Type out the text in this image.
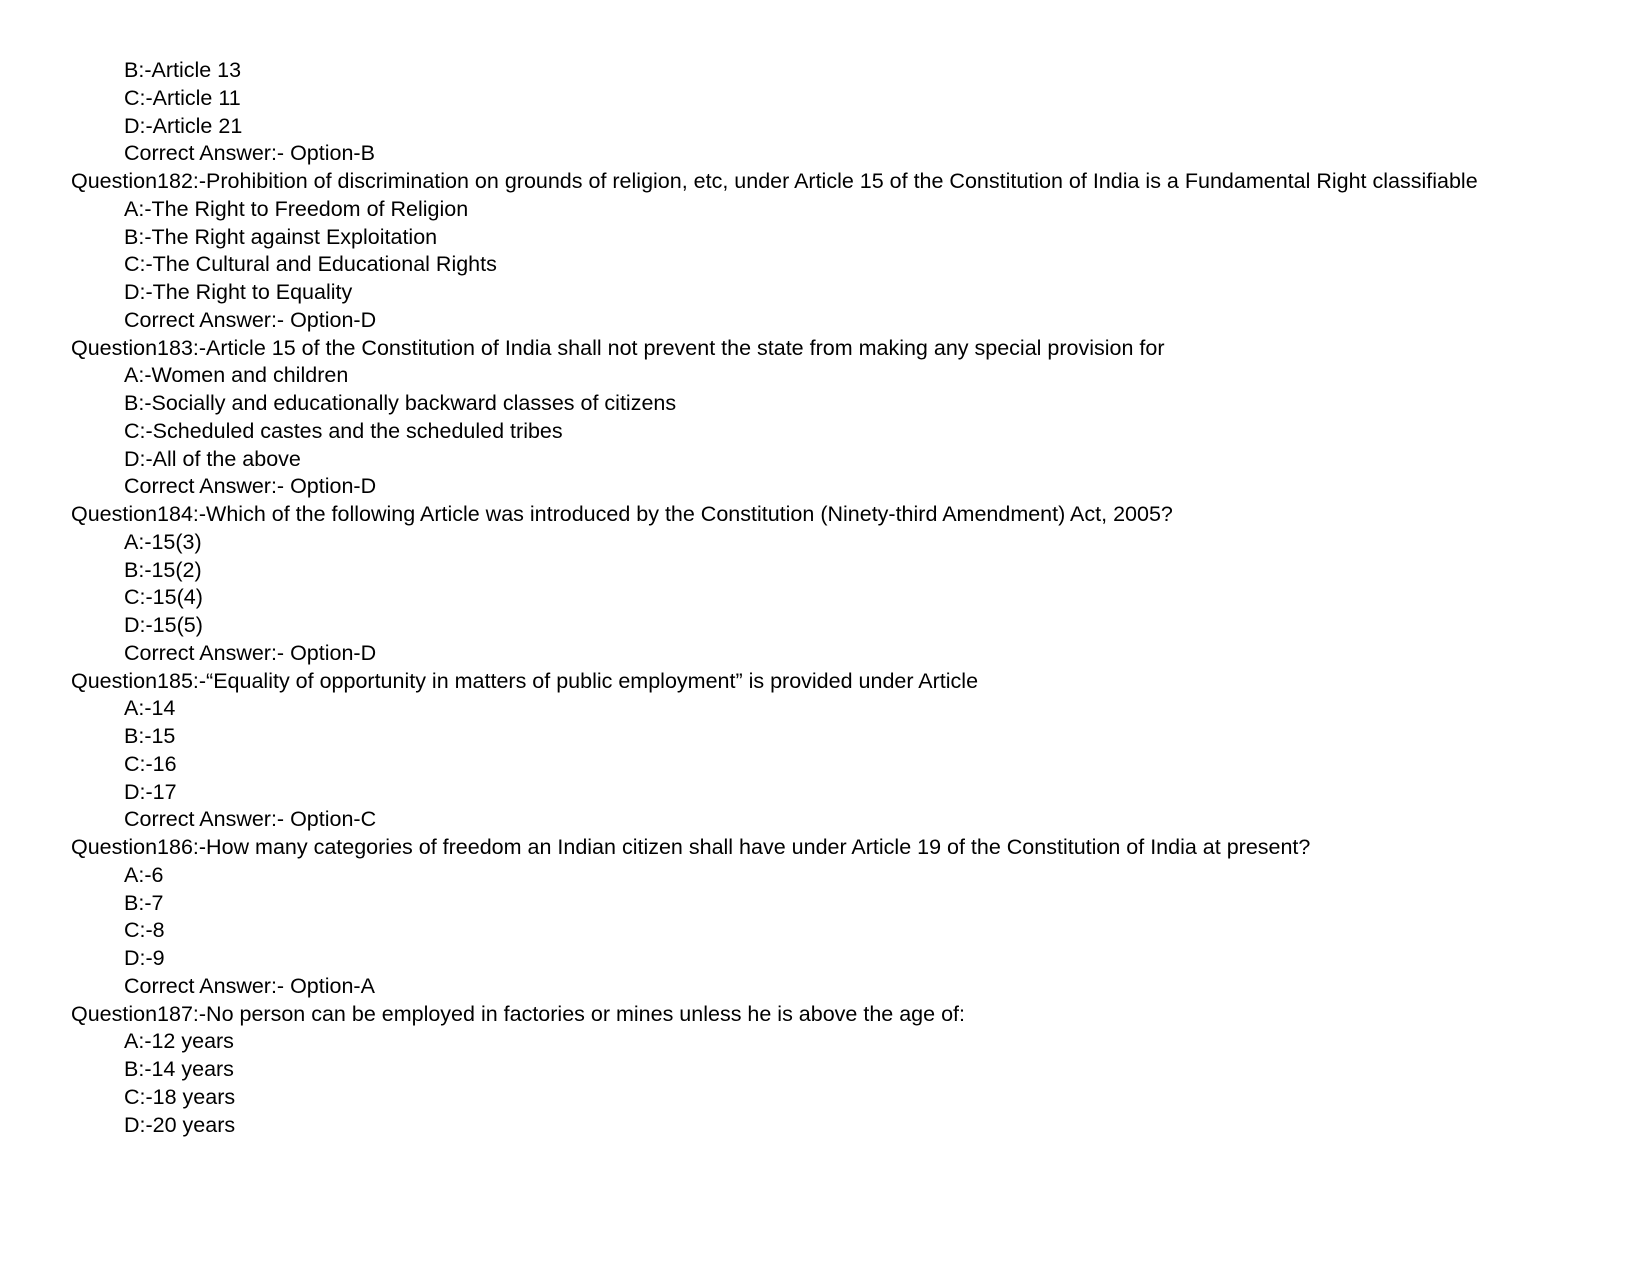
B:-Article 13
C:-Article 11
D:-Article 21
Correct Answer:- Option-B
Question182:-Prohibition of discrimination on grounds of religion, etc, under Article 15 of the Constitution of India is a Fundamental Right classifiable
A:-The Right to Freedom of Religion
B:-The Right against Exploitation
C:-The Cultural and Educational Rights
D:-The Right to Equality
Correct Answer:- Option-D
Question183:-Article 15 of the Constitution of India shall not prevent the state from making any special provision for
A:-Women and children
B:-Socially and educationally backward classes of citizens
C:-Scheduled castes and the scheduled tribes
D:-All of the above
Correct Answer:- Option-D
Question184:-Which of the following Article was introduced by the Constitution (Ninety-third Amendment) Act, 2005?
A:-15(3)
B:-15(2)
C:-15(4)
D:-15(5)
Correct Answer:- Option-D
Question185:-“Equality of opportunity in matters of public employment” is provided under Article
A:-14
B:-15
C:-16
D:-17
Correct Answer:- Option-C
Question186:-How many categories of freedom an Indian citizen shall have under Article 19 of the Constitution of India at present?
A:-6
B:-7
C:-8
D:-9
Correct Answer:- Option-A
Question187:-No person can be employed in factories or mines unless he is above the age of:
A:-12 years
B:-14 years
C:-18 years
D:-20 years
